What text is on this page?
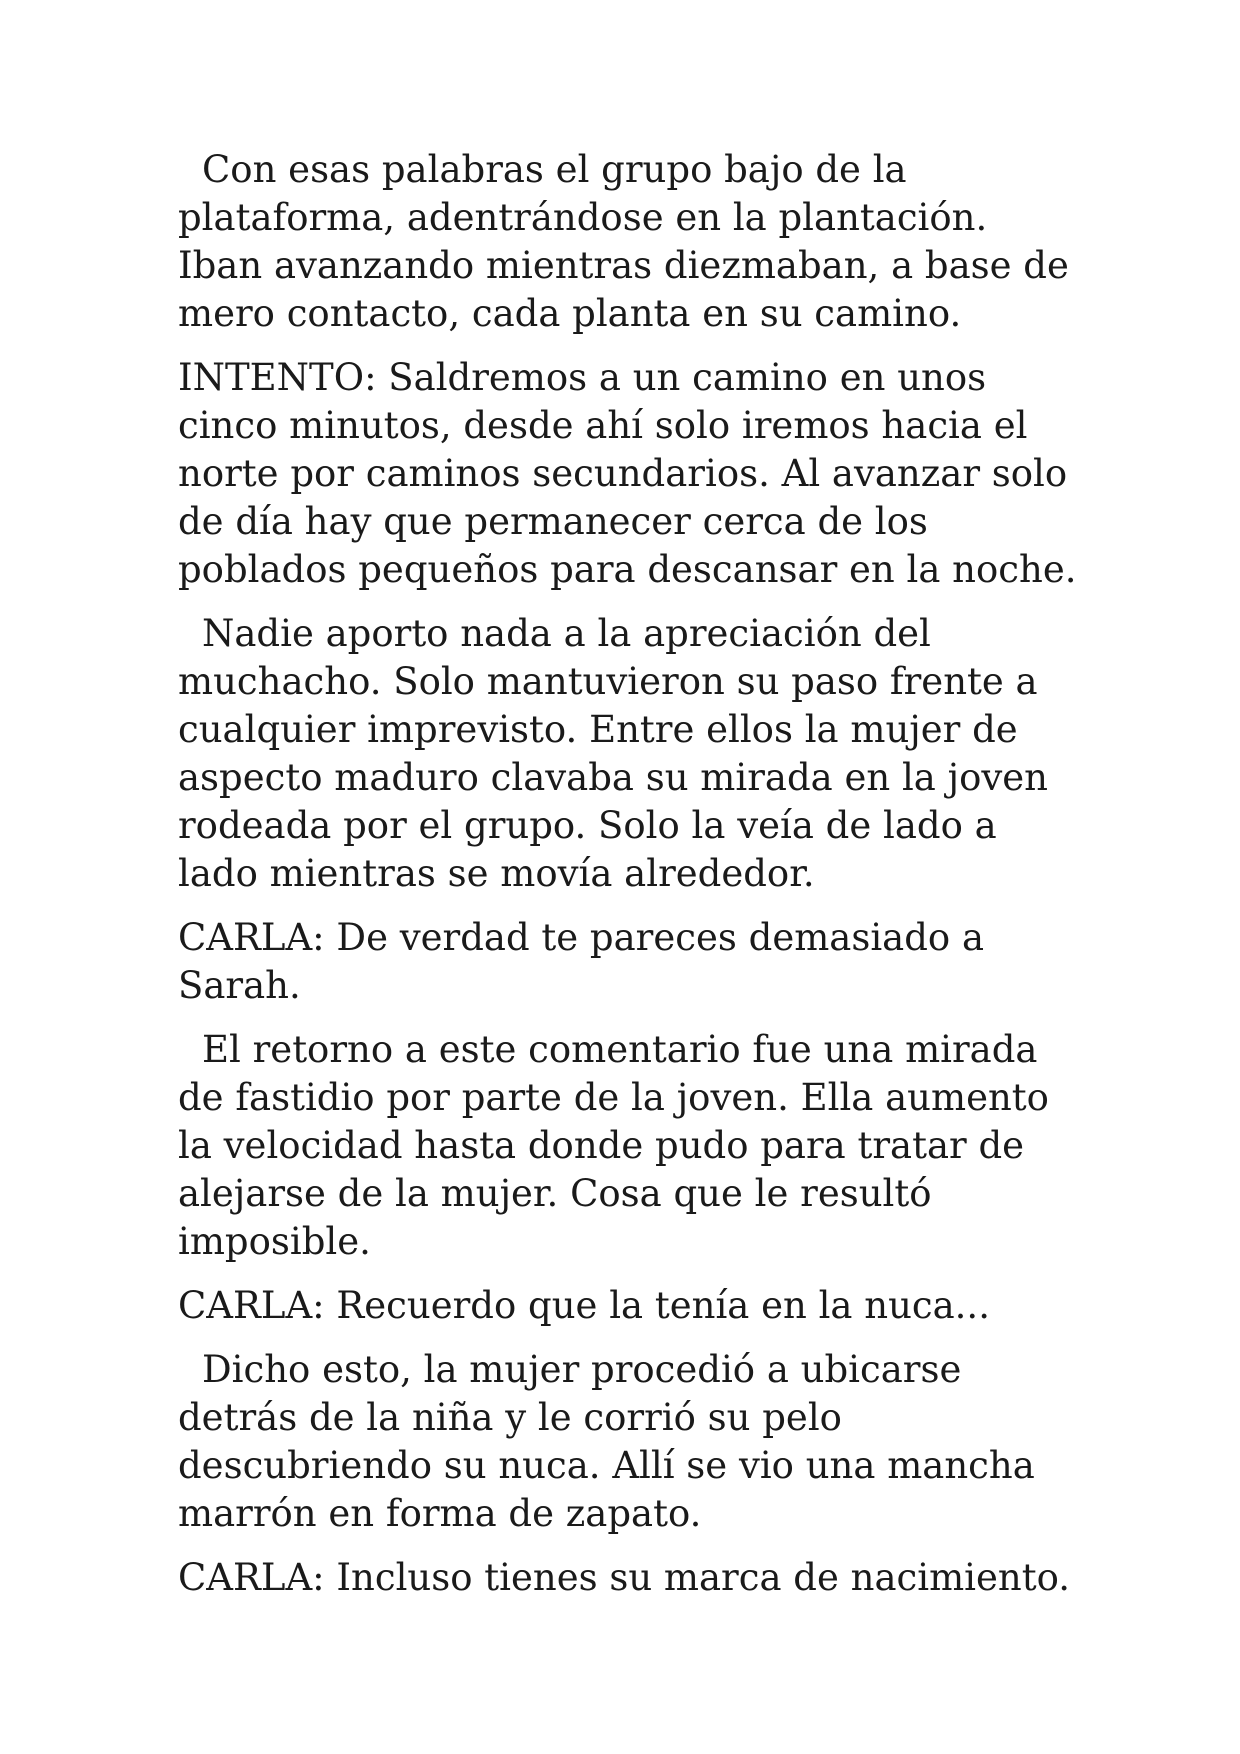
Con esas palabras el grupo bajo de la plataforma, adentrándose en la plantación. Iban avanzando mientras diezmaban, a base de mero contacto, cada planta en su camino.

INTENTO: Saldremos a un camino en unos cinco minutos, desde ahí solo iremos hacia el norte por caminos secundarios. Al avanzar solo de día hay que permanecer cerca de los poblados pequeños para descansar en la noche.

Nadie aporto nada a la apreciación del muchacho. Solo mantuvieron su paso frente a cualquier imprevisto. Entre ellos la mujer de aspecto maduro clavaba su mirada en la joven rodeada por el grupo. Solo la veía de lado a lado mientras se movía alrededor.

CARLA: De verdad te pareces demasiado a Sarah.

El retorno a este comentario fue una mirada de fastidio por parte de la joven. Ella aumento la velocidad hasta donde pudo para tratar de alejarse de la mujer. Cosa que le resultó imposible.

CARLA: Recuerdo que la tenía en la nuca...

Dicho esto, la mujer procedió a ubicarse detrás de la niña y le corrió su pelo descubriendo su nuca. Allí se vio una mancha marrón en forma de zapato.

CARLA: Incluso tienes su marca de nacimiento.
